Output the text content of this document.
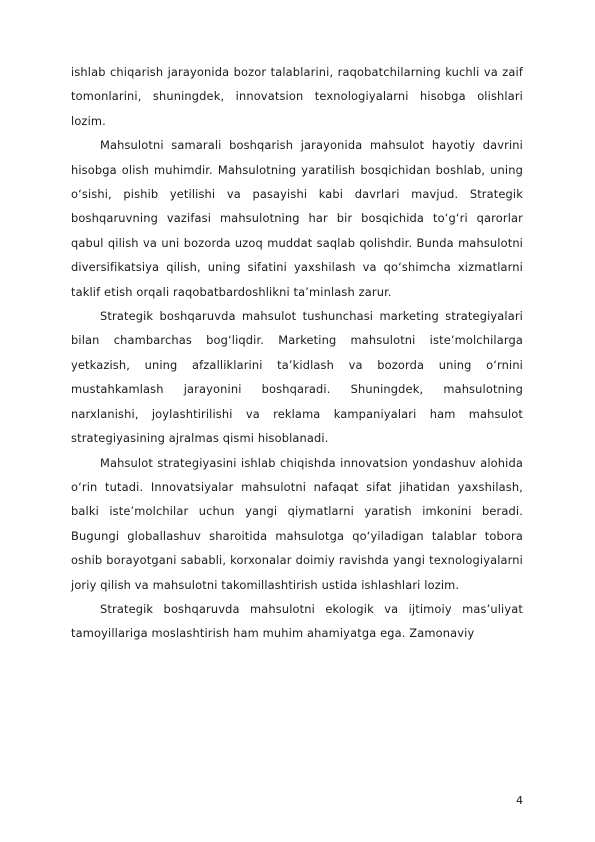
ishlab chiqarish jarayonida bozor talablarini, raqobatchilarning kuchli va zaif tomonlarini, shuningdek, innovatsion texnologiyalarni hisobga olishlari lozim.

Mahsulotni samarali boshqarish jarayonida mahsulot hayotiy davrini hisobga olish muhimdir. Mahsulotning yaratilish bosqichidan boshlab, uning o‘sishi, pishib yetilishi va pasayishi kabi davrlari mavjud. Strategik boshqaruvning vazifasi mahsulotning har bir bosqichida to‘g‘ri qarorlar qabul qilish va uni bozorda uzoq muddat saqlab qolishdir. Bunda mahsulotni diversifikatsiya qilish, uning sifatini yaxshilash va qo‘shimcha xizmatlarni taklif etish orqali raqobatbardoshlikni ta’minlash zarur.

Strategik boshqaruvda mahsulot tushunchasi marketing strategiyalari bilan chambarchas bog‘liqdir. Marketing mahsulotni iste’molchilarga yetkazish, uning afzalliklarini ta’kidlash va bozorda uning o‘rnini mustahkamlash jarayonini boshqaradi. Shuningdek, mahsulotning narxlanishi, joylashtirilishi va reklama kampaniyalari ham mahsulot strategiyasining ajralmas qismi hisoblanadi.

Mahsulot strategiyasini ishlab chiqishda innovatsion yondashuv alohida o‘rin tutadi. Innovatsiyalar mahsulotni nafaqat sifat jihatidan yaxshilash, balki iste’molchilar uchun yangi qiymatlarni yaratish imkonini beradi. Bugungi globallashuv sharoitida mahsulotga qo‘yiladigan talablar tobora oshib borayotgani sababli, korxonalar doimiy ravishda yangi texnologiyalarni joriy qilish va mahsulotni takomillashtirish ustida ishlashlari lozim.

Strategik boshqaruvda mahsulotni ekologik va ijtimoiy mas’uliyat tamoyillariga moslashtirish ham muhim ahamiyatga ega. Zamonaviy

4
